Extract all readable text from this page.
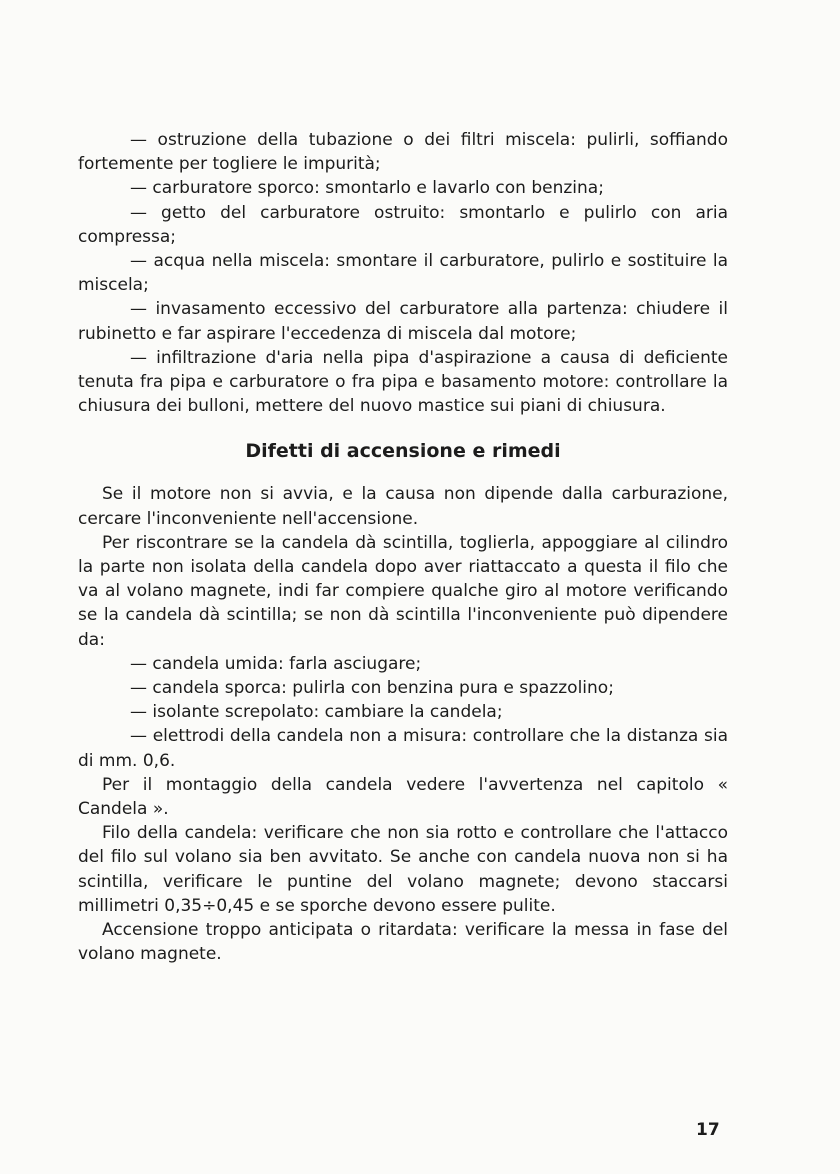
— ostruzione della tubazione o dei filtri miscela: pulirli, soffiando fortemente per togliere le impurità;

— carburatore sporco: smontarlo e lavarlo con benzina;

— getto del carburatore ostruito: smontarlo e pulirlo con aria compressa;

— acqua nella miscela: smontare il carburatore, pulirlo e sostituire la miscela;

— invasamento eccessivo del carburatore alla partenza: chiudere il rubinetto e far aspirare l'eccedenza di miscela dal motore;

— infiltrazione d'aria nella pipa d'aspirazione a causa di deficiente tenuta fra pipa e carburatore o fra pipa e basamento motore: controllare la chiusura dei bulloni, mettere del nuovo mastice sui piani di chiusura.

Difetti di accensione e rimedi

Se il motore non si avvia, e la causa non dipende dalla carburazione, cercare l'inconveniente nell'accensione.

Per riscontrare se la candela dà scintilla, toglierla, appoggiare al cilindro la parte non isolata della candela dopo aver riattaccato a questa il filo che va al volano magnete, indi far compiere qualche giro al motore verificando se la candela dà scintilla; se non dà scintilla l'inconveniente può dipendere da:

— candela umida: farla asciugare;

— candela sporca: pulirla con benzina pura e spazzolino;

— isolante screpolato: cambiare la candela;

— elettrodi della candela non a misura: controllare che la distanza sia di mm. 0,6.

Per il montaggio della candela vedere l'avvertenza nel capitolo « Candela ».

Filo della candela: verificare che non sia rotto e controllare che l'attacco del filo sul volano sia ben avvitato. Se anche con candela nuova non si ha scintilla, verificare le puntine del volano magnete; devono staccarsi millimetri 0,35÷0,45 e se sporche devono essere pulite.

Accensione troppo anticipata o ritardata: verificare la messa in fase del volano magnete.

17
